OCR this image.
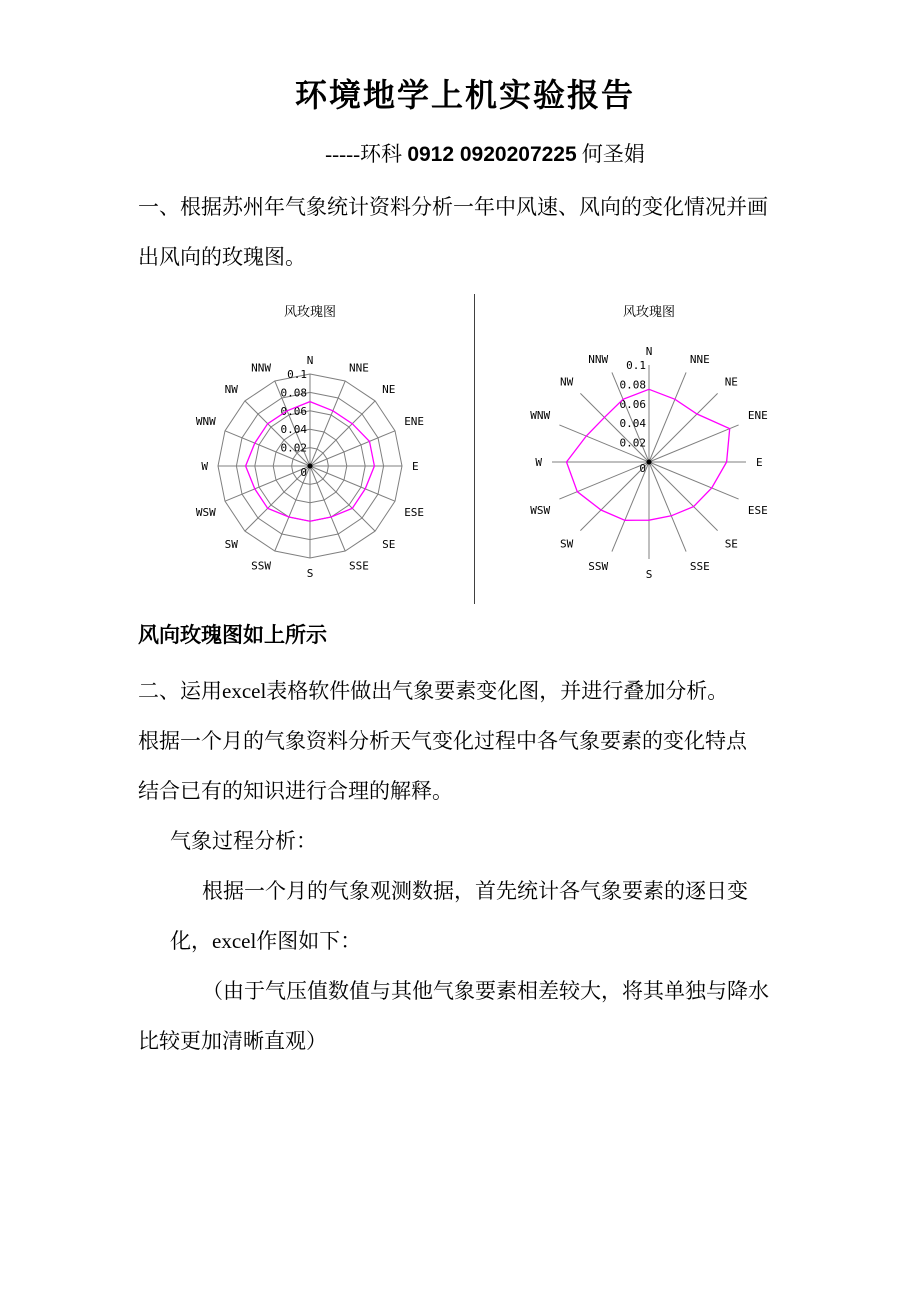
环境地学上机实验报告
-----环科 0912 0920207225 何圣娟
一、根据苏州年气象统计资料分析一年中风速、风向的变化情况并画
出风向的玫瑰图。
风玫瑰图
N
NNE
NE
ENE
E
ESE
SE
SSE
S
SSW
SW
WSW
W
WNW
NW
NNW
0
0.02
0.04
0.06
0.08
0.1
风玫瑰图
N
NNE
NE
ENE
E
ESE
SE
SSE
S
SSW
SW
WSW
W
WNW
NW
NNW
0
0.02
0.04
0.06
0.08
0.1
风向玫瑰图如上所示
二、运用excel表格软件做出气象要素变化图，并进行叠加分析。
根据一个月的气象资料分析天气变化过程中各气象要素的变化特点
结合已有的知识进行合理的解释。
气象过程分析：
根据一个月的气象观测数据，首先统计各气象要素的逐日变
化，excel作图如下：
（由于气压值数值与其他气象要素相差较大，将其单独与降水
比较更加清晰直观）
